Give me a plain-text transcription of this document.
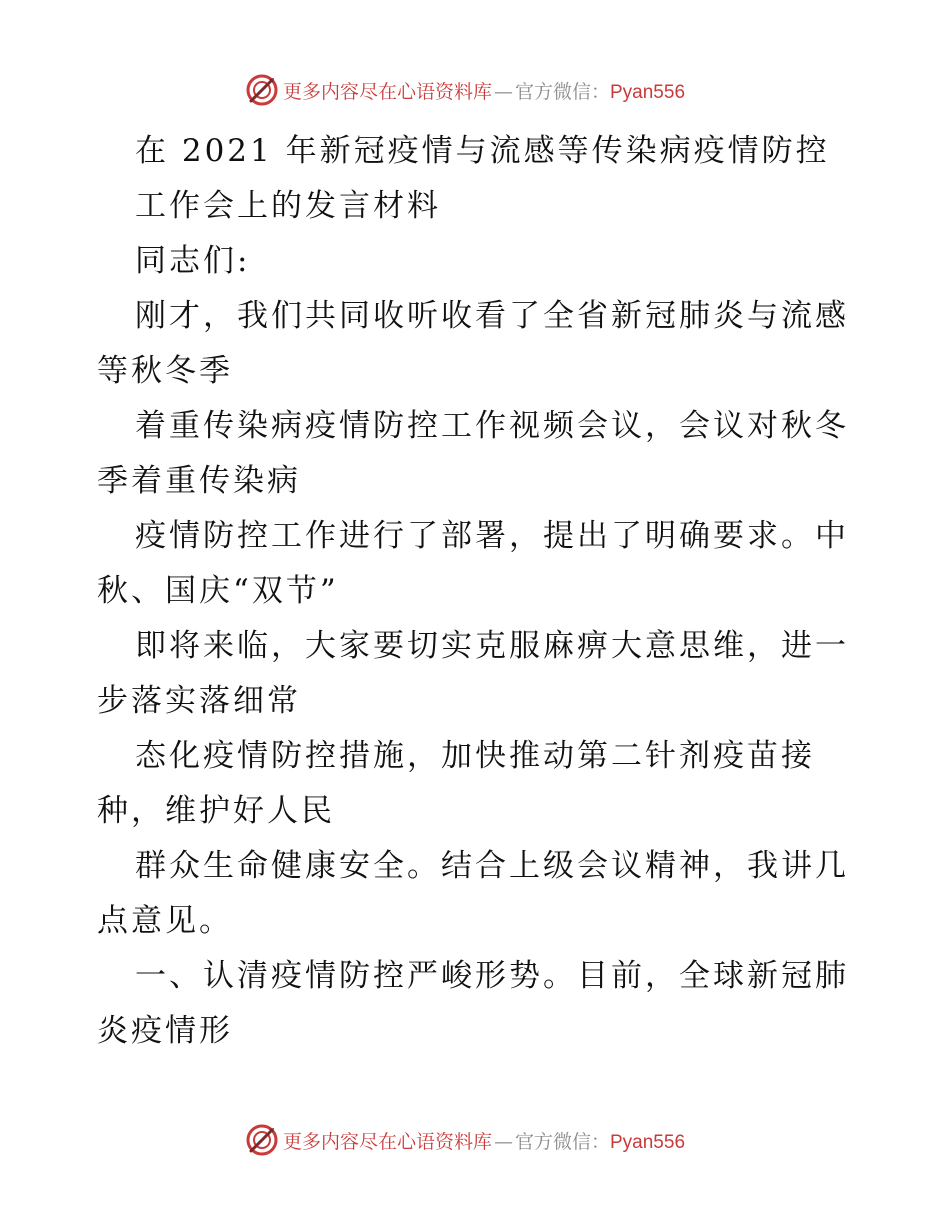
更多内容尽在心语资料库 — 官方微信：Pyan556
在 2021 年新冠疫情与流感等传染病疫情防控
工作会上的发言材料
同志们:
刚才，我们共同收听收看了全省新冠肺炎与流感
等秋冬季
着重传染病疫情防控工作视频会议，会议对秋冬
季着重传染病
疫情防控工作进行了部署，提出了明确要求。中
秋、国庆“双节”
即将来临，大家要切实克服麻痹大意思维，进一
步落实落细常
态化疫情防控措施，加快推动第二针剂疫苗接
种，维护好人民
群众生命健康安全。结合上级会议精神，我讲几
点意见。
一、认清疫情防控严峻形势。目前，全球新冠肺
炎疫情形
更多内容尽在心语资料库 — 官方微信：Pyan556
